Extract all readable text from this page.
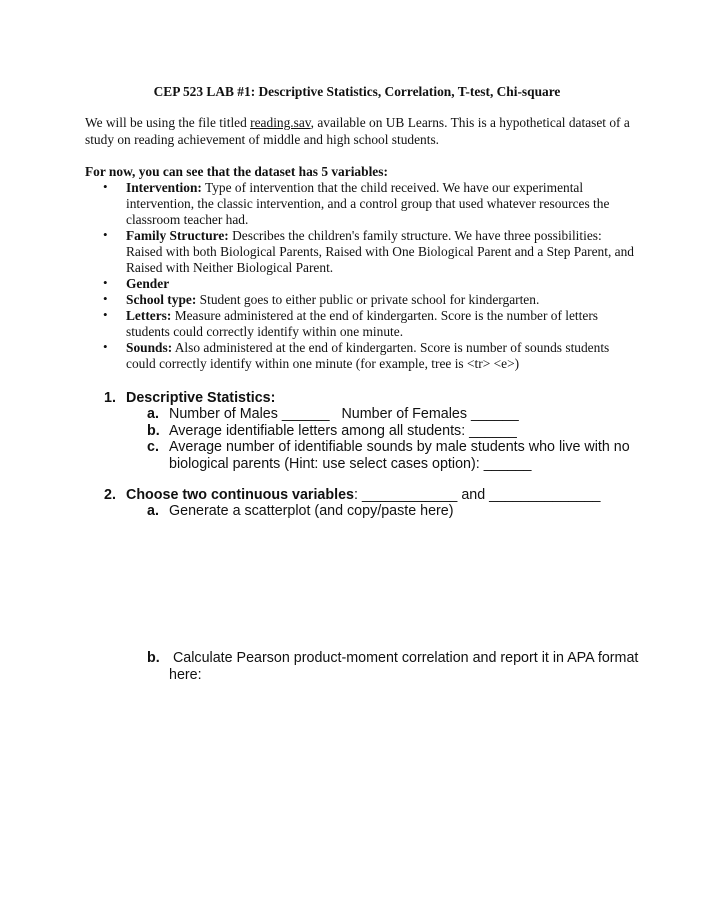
CEP 523 LAB #1: Descriptive Statistics, Correlation, T-test, Chi-square
We will be using the file titled reading.sav, available on UB Learns. This is a hypothetical dataset of a study on reading achievement of middle and high school students.
For now, you can see that the dataset has 5 variables:
• Intervention: Type of intervention that the child received. We have our experimental intervention, the classic intervention, and a control group that used whatever resources the classroom teacher had.
• Family Structure: Describes the children's family structure. We have three possibilities: Raised with both Biological Parents, Raised with One Biological Parent and a Step Parent, and Raised with Neither Biological Parent.
• Gender
• School type: Student goes to either public or private school for kindergarten.
• Letters: Measure administered at the end of kindergarten. Score is the number of letters students could correctly identify within one minute.
• Sounds: Also administered at the end of kindergarten. Score is number of sounds students could correctly identify within one minute (for example, tree is <tr> <e>)
1. Descriptive Statistics:
a. Number of Males ______   Number of Females ______
b. Average identifiable letters among all students: ______
c. Average number of identifiable sounds by male students who live with no biological parents (Hint: use select cases option): ______
2. Choose two continuous variables: ____________ and ______________
a. Generate a scatterplot (and copy/paste here)
b. Calculate Pearson product-moment correlation and report it in APA format here:
